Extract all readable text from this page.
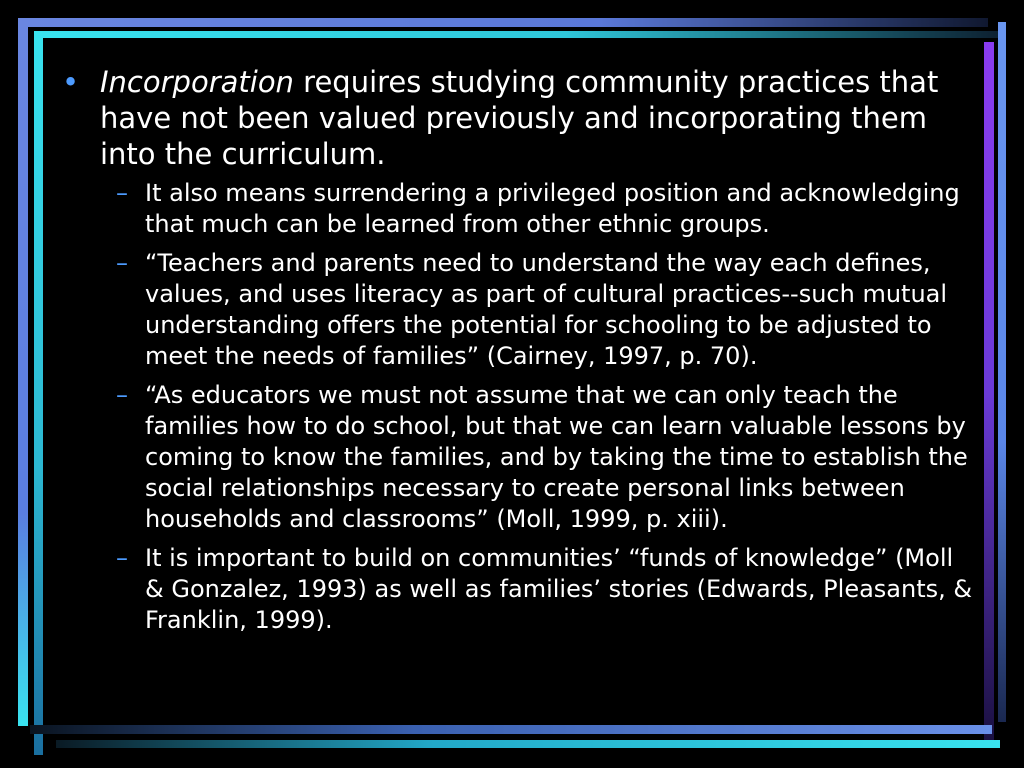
• Incorporation requires studying community practices that have not been valued previously and incorporating them into the curriculum.
– It also means surrendering a privileged position and acknowledging that much can be learned from other ethnic groups.
– “Teachers and parents need to understand the way each defines, values, and uses literacy as part of cultural practices--such mutual understanding offers the potential for schooling to be adjusted to meet the needs of families” (Cairney, 1997, p. 70).
– “As educators we must not assume that we can only teach the families how to do school, but that we can learn valuable lessons by coming to know the families, and by taking the time to establish the social relationships necessary to create personal links between households and classrooms” (Moll, 1999, p. xiii).
– It is important to build on communities’ “funds of knowledge” (Moll & Gonzalez, 1993) as well as families’ stories (Edwards, Pleasants, & Franklin, 1999).
